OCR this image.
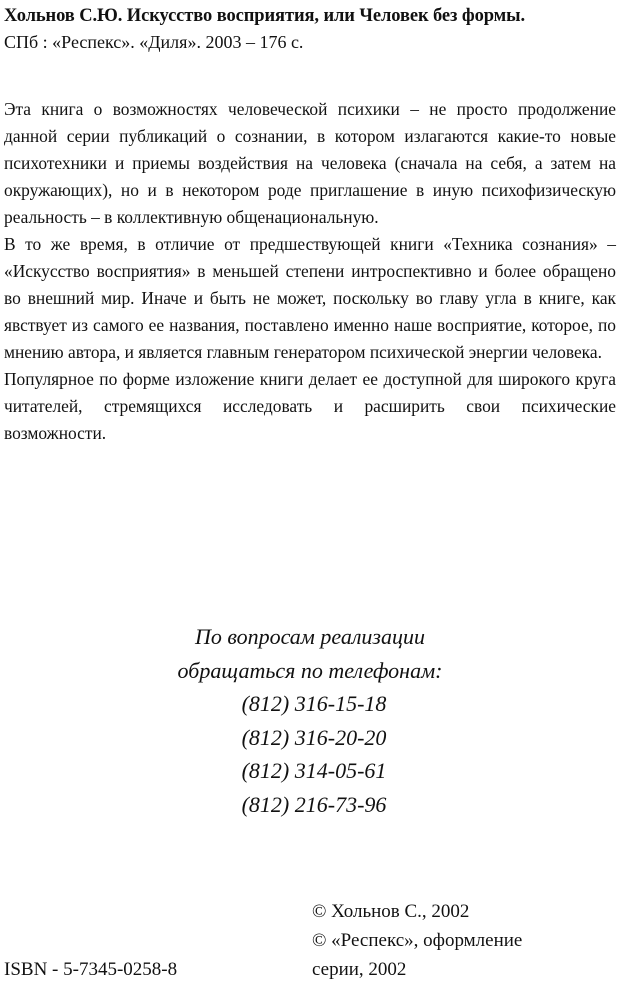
Хольнов С.Ю. Искусство восприятия, или Человек без формы.
СПб : «Респекс». «Диля». 2003 – 176 с.

Эта книга о возможностях человеческой психики – не просто продолжение данной серии публикаций о сознании, в котором излагаются какие-то новые психотехники и приемы воздействия на человека (сначала на себя, а затем на окружающих), но и в некотором роде приглашение в иную психофизическую реальность – в коллективную общенациональную.

В то же время, в отличие от предшествующей книги «Техника сознания» – «Искусство восприятия» в меньшей степени интроспективно и более обращено во внешний мир. Иначе и быть не может, поскольку во главу угла в книге, как явствует из самого ее названия, поставлено именно наше восприятие, которое, по мнению автора, и является главным генератором психической энергии человека.

Популярное по форме изложение книги делает ее доступной для широкого круга читателей, стремящихся исследовать и расширить свои психические возможности.

По вопросам реализации
обращаться по телефонам:
(812) 316-15-18
(812) 316-20-20
(812) 314-05-61
(812) 216-73-96
© Хольнов С., 2002
© «Респекс», оформление
серии, 2002
ISBN - 5-7345-0258-8
